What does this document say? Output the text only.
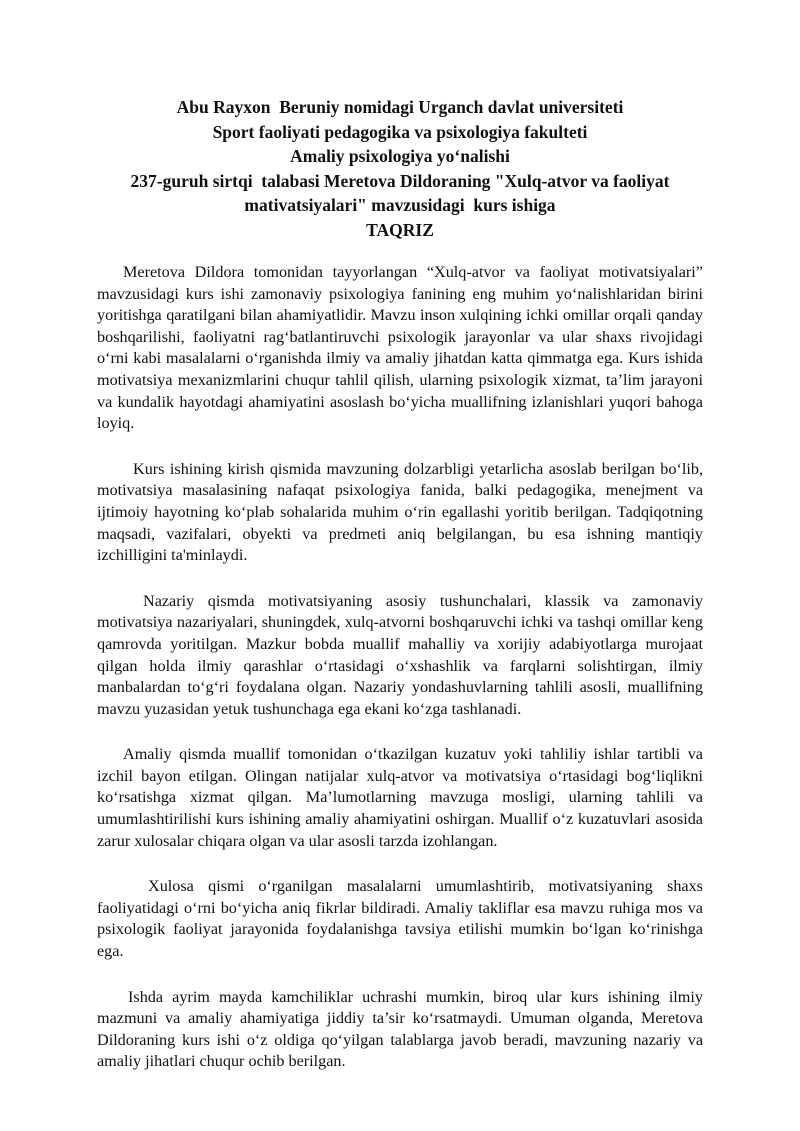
Abu Rayxon  Beruniy nomidagi Urganch davlat universiteti
Sport faoliyati pedagogika va psixologiya fakulteti
Amaliy psixologiya yo‘nalishi
237-guruh sirtqi  talabasi Meretova Dildoraning "Xulq-atvor va faoliyat
mativatsiyalari" mavzusidagi  kurs ishiga
TAQRIZ

Meretova Dildora tomonidan tayyorlangan “Xulq-atvor va faoliyat motivatsiyalari” mavzusidagi kurs ishi zamonaviy psixologiya fanining eng muhim yo‘nalishlaridan birini yoritishga qaratilgani bilan ahamiyatlidir. Mavzu inson xulqining ichki omillar orqali qanday boshqarilishi, faoliyatni rag‘batlantiruvchi psixologik jarayonlar va ular shaxs rivojidagi o‘rni kabi masalalarni o‘rganishda ilmiy va amaliy jihatdan katta qimmatga ega. Kurs ishida motivatsiya mexanizmlarini chuqur tahlil qilish, ularning psixologik xizmat, ta’lim jarayoni va kundalik hayotdagi ahamiyatini asoslash bo‘yicha muallifning izlanishlari yuqori bahoga loyiq.

Kurs ishining kirish qismida mavzuning dolzarbligi yetarlicha asoslab berilgan bo‘lib, motivatsiya masalasining nafaqat psixologiya fanida, balki pedagogika, menejment va ijtimoiy hayotning ko‘plab sohalarida muhim o‘rin egallashi yoritib berilgan. Tadqiqotning maqsadi, vazifalari, obyekti va predmeti aniq belgilangan, bu esa ishning mantiqiy izchilligini ta'minlaydi.

Nazariy qismda motivatsiyaning asosiy tushunchalari, klassik va zamonaviy motivatsiya nazariyalari, shuningdek, xulq-atvorni boshqaruvchi ichki va tashqi omillar keng qamrovda yoritilgan. Mazkur bobda muallif mahalliy va xorijiy adabiyotlarga murojaat qilgan holda ilmiy qarashlar o‘rtasidagi o‘xshashlik va farqlarni solishtirgan, ilmiy manbalardan to‘g‘ri foydalana olgan. Nazariy yondashuvlarning tahlili asosli, muallifning mavzu yuzasidan yetuk tushunchaga ega ekani ko‘zga tashlanadi.

Amaliy qismda muallif tomonidan o‘tkazilgan kuzatuv yoki tahliliy ishlar tartibli va izchil bayon etilgan. Olingan natijalar xulq-atvor va motivatsiya o‘rtasidagi bog‘liqlikni ko‘rsatishga xizmat qilgan. Ma’lumotlarning mavzuga mosligi, ularning tahlili va umumlashtirilishi kurs ishining amaliy ahamiyatini oshirgan. Muallif o‘z kuzatuvlari asosida zarur xulosalar chiqara olgan va ular asosli tarzda izohlangan.

Xulosa qismi o‘rganilgan masalalarni umumlashtirib, motivatsiyaning shaxs faoliyatidagi o‘rni bo‘yicha aniq fikrlar bildiradi. Amaliy takliflar esa mavzu ruhiga mos va psixologik faoliyat jarayonida foydalanishga tavsiya etilishi mumkin bo‘lgan ko‘rinishga ega.

Ishda ayrim mayda kamchiliklar uchrashi mumkin, biroq ular kurs ishining ilmiy mazmuni va amaliy ahamiyatiga jiddiy ta’sir ko‘rsatmaydi. Umuman olganda, Meretova Dildoraning kurs ishi o‘z oldiga qo‘yilgan talablarga javob beradi, mavzuning nazariy va amaliy jihatlari chuqur ochib berilgan.
